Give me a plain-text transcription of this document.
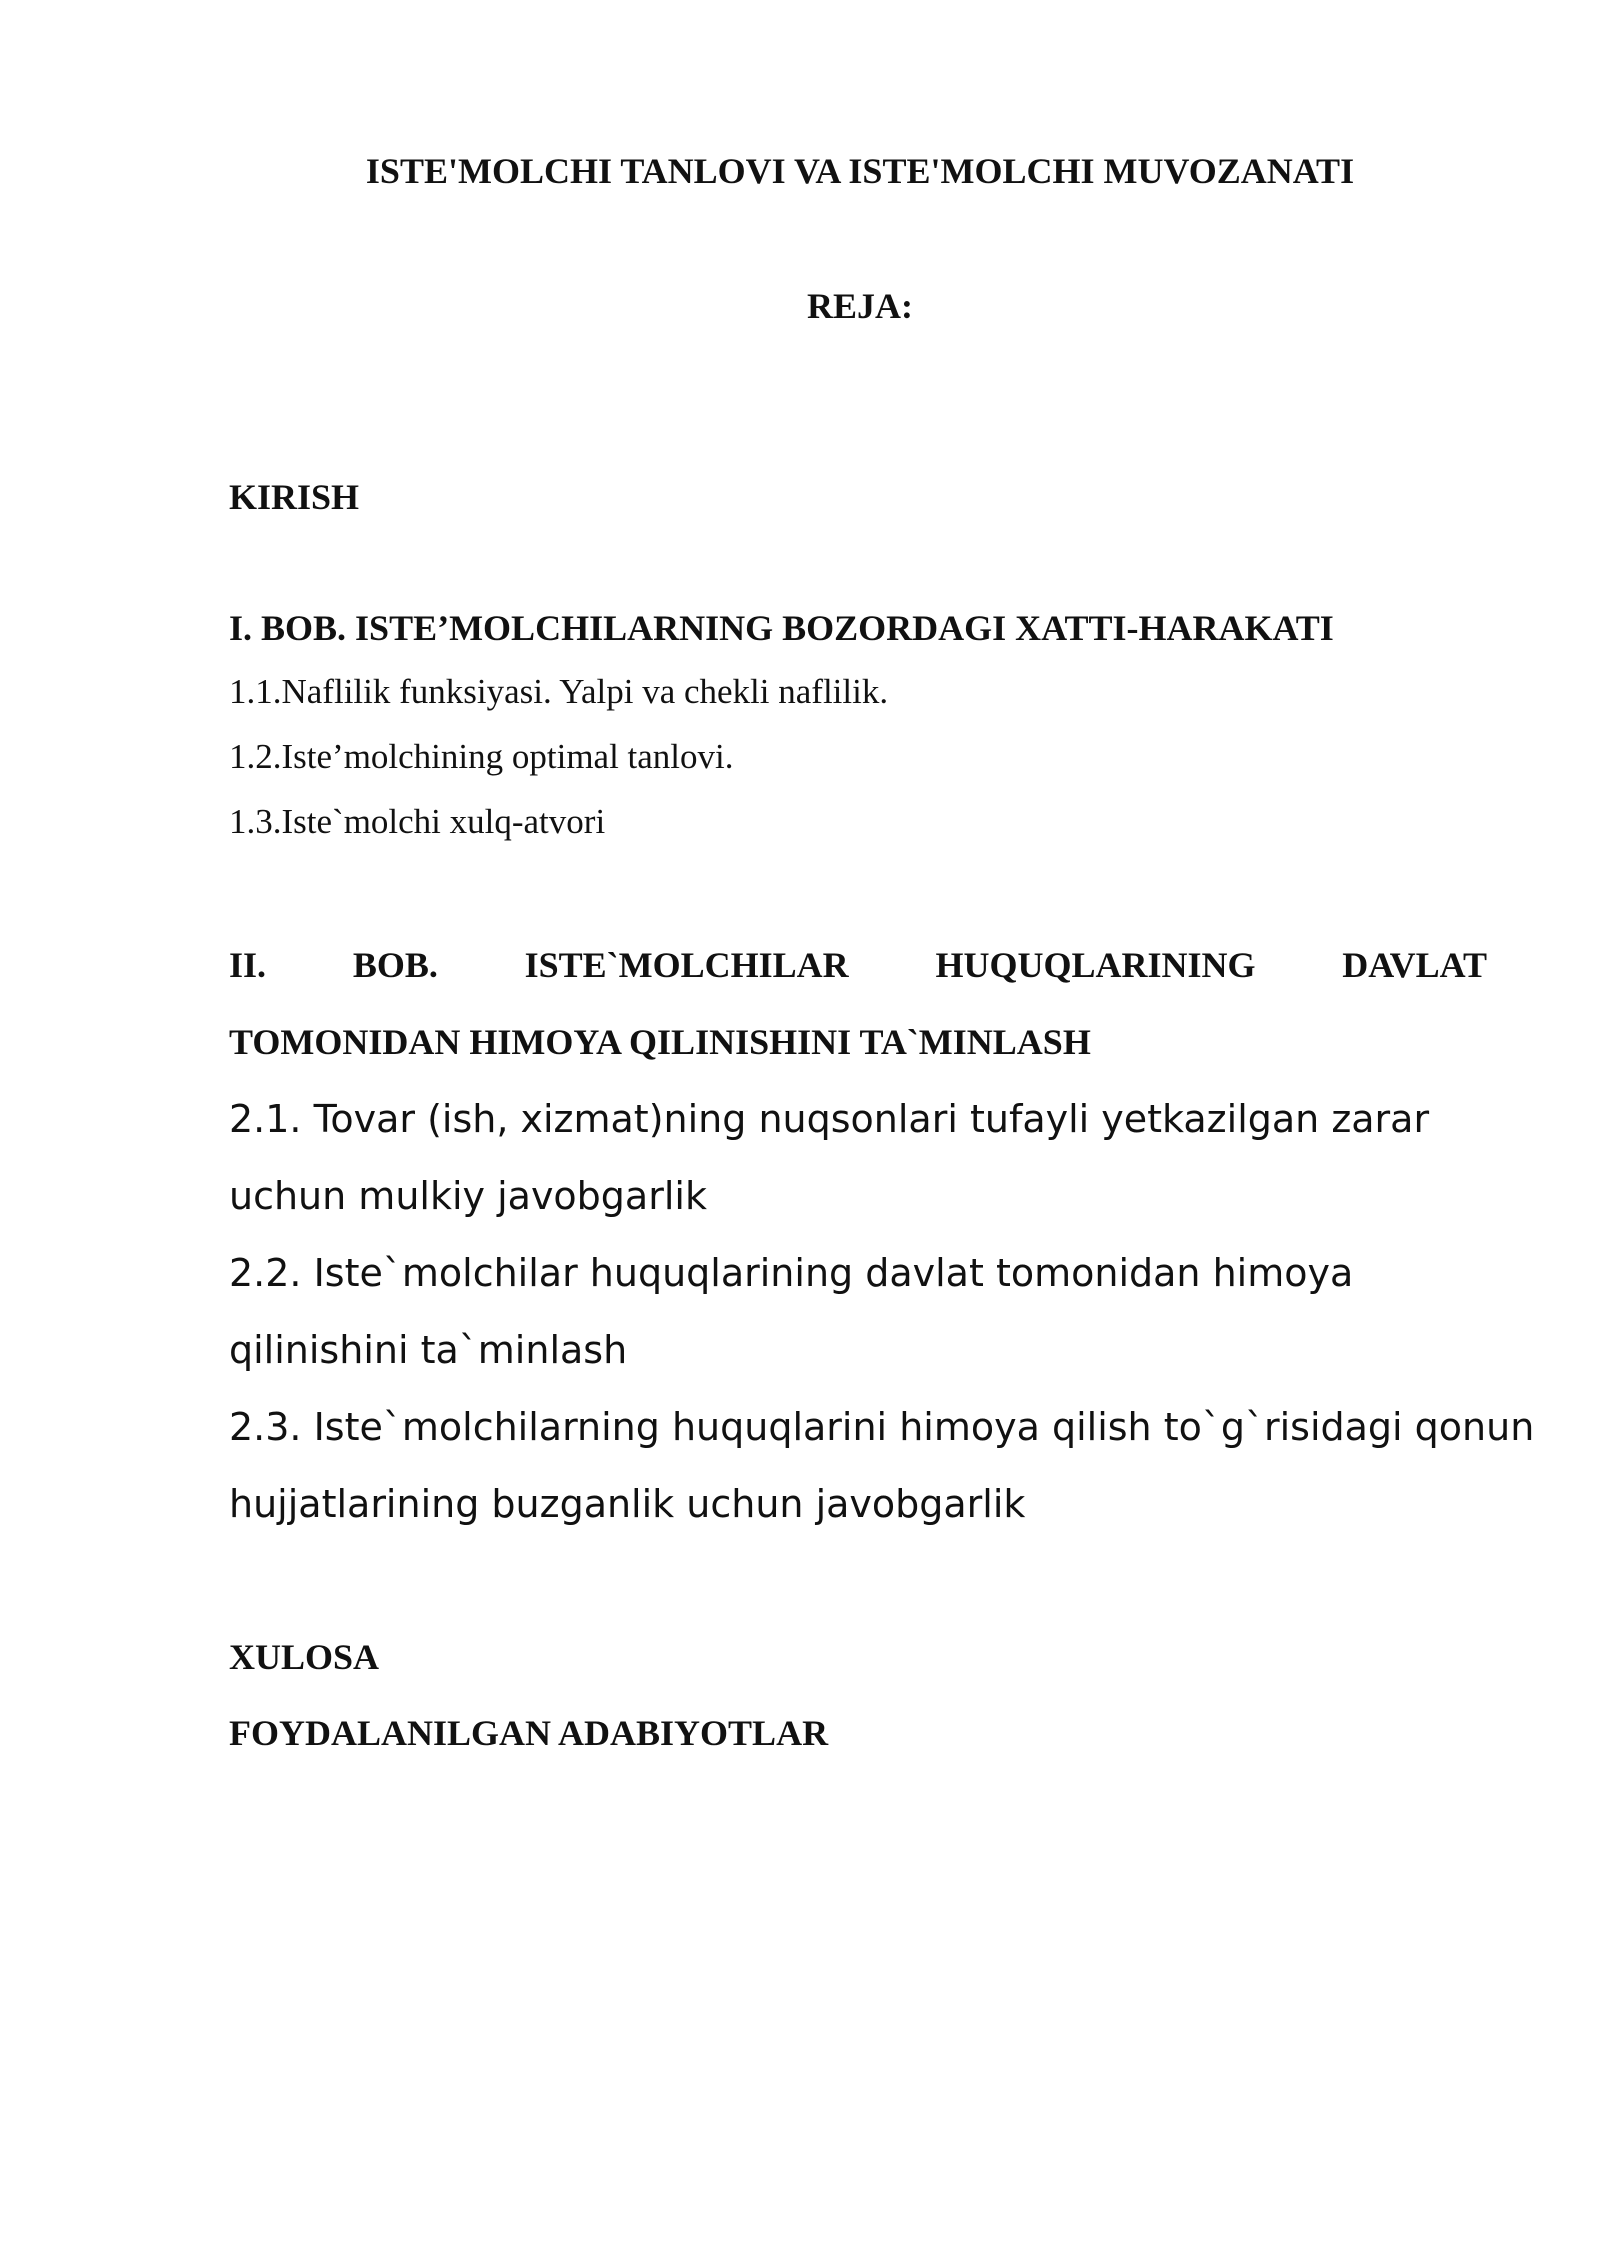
ISTE'MOLCHI TANLOVI VA ISTE'MOLCHI MUVOZANATI

REJA:

KIRISH

I. BOB. ISTE’MOLCHILARNING BOZORDAGI XATTI-HARAKATI

1.1.Naflilik funksiyasi. Yalpi va chekli naflilik.

1.2.Iste’molchining optimal tanlovi.

1.3.Iste`molchi xulq-atvori

II. BOB. ISTE`MOLCHILAR HUQUQLARINING DAVLAT

TOMONIDAN HIMOYA QILINISHINI TA`MINLASH

2.1. Tovar (ish, xizmat)ning nuqsonlari tufayli yetkazilgan zarar

uchun mulkiy javobgarlik

2.2. Iste`molchilar huquqlarining davlat tomonidan himoya

qilinishini ta`minlash

2.3. Iste`molchilarning huquqlarini himoya qilish to`g`risidagi qonun

hujjatlarining buzganlik uchun javobgarlik

XULOSA

FOYDALANILGAN ADABIYOTLAR
